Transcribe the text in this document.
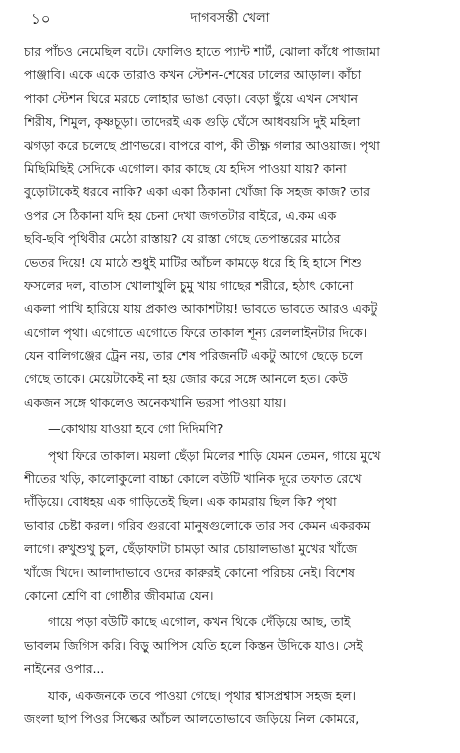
১০	দাগবসন্তী খেলা
চার পাঁচও নেমেছিল বটে। ফোলিও হাতে প্যান্ট শার্ট, ঝোলা কাঁধে পাজামা
পাঞ্জাবি। একে একে তারাও কখন স্টেশন-শেষের ঢালের আড়াল। কাঁচা
পাকা স্টেশন ঘিরে মরচে লোহার ভাঙা বেড়া। বেড়া ছুঁয়ে এখন সেখান
শিরীষ, শিমুল, কৃষ্ণচূড়া। তাদেরই এক গুড়ি ঘেঁসে আধবয়সি দুই মহিলা
ঝগড়া করে চলেছে প্রাণভরে। বাপরে বাপ, কী তীক্ষ্ণ গলার আওয়াজ। পৃথা
মিছিমিছিই সেদিকে এগোল। কার কাছে যে হদিস পাওয়া যায়? কানা
বুড়োটাকেই ধরবে নাকি? একা একা ঠিকানা খোঁজা কি সহজ কাজ? তার
ওপর সে ঠিকানা যদি হয় চেনা দেখা জগতটার বাইরে, এ.কম এক
ছবি-ছবি পৃথিবীর মেঠো রাস্তায়? যে রাস্তা গেছে তেপান্তরের মাঠের
ভেতর দিয়ে! যে মাঠে শুধুই মাটির আঁচল কামড়ে ধরে হি হি হাসে শিশু
ফসলের দল, বাতাস খোলাখুলি চুমু খায় গাছের শরীরে, হঠাৎ কোনো
একলা পাখি হারিয়ে যায় প্রকাণ্ড আকাশটায়! ভাবতে ভাবতে আরও একটু
এগোল পৃথা। এগোতে এগোতে ফিরে তাকাল শূন্য রেললাইনটার দিকে।
যেন বালিগঞ্জের ট্রেন নয়, তার শেষ পরিজনটি একটু আগে ছেড়ে চলে
গেছে তাকে। মেয়েটাকেই না হয় জোর করে সঙ্গে আনলে হত। কেউ
একজন সঙ্গে থাকলেও অনেকখানি ভরসা পাওয়া যায়।
—কোথায় যাওয়া হবে গো দিদিমণি?
পৃথা ফিরে তাকাল। ময়লা ছেঁড়া মিলের শাড়ি যেমন তেমন, গায়ে মুখে
শীতের খড়ি, কালোকুলো বাচ্চা কোলে বউটি খানিক দূরে তফাত রেখে
দাঁড়িয়ে। বোধহয় এক গাড়িতেই ছিল। এক কামরায় ছিল কি? পৃথা
ভাবার চেষ্টা করল। গরিব গুরবো মানুষগুলোকে তার সব কেমন একরকম
লাগে। রুখুশুখু চুল, ছেঁড়াফাটা চামড়া আর চোয়ালভাঙা মুখের খাঁজে
খাঁজে খিদে। আলাদাভাবে ওদের কারুরই কোনো পরিচয় নেই। বিশেষ
কোনো শ্রেণি বা গোষ্ঠীর জীবমাত্র যেন।
গায়ে পড়া বউটি কাছে এগোল, কখন থিকে দেঁড়িয়ে আছ, তাই
ভাবলম জিগিস করি। বিড়ু আপিস যেতি হলে কিস্তন উদিকে যাও। সেই
নাইনের ওপার...
যাক, একজনকে তবে পাওয়া গেছে। পৃথার শ্বাসপ্রশ্বাস সহজ হল।
জংলা ছাপ পিওর সিল্কের আঁচল আলতোভাবে জড়িয়ে নিল কোমরে,
